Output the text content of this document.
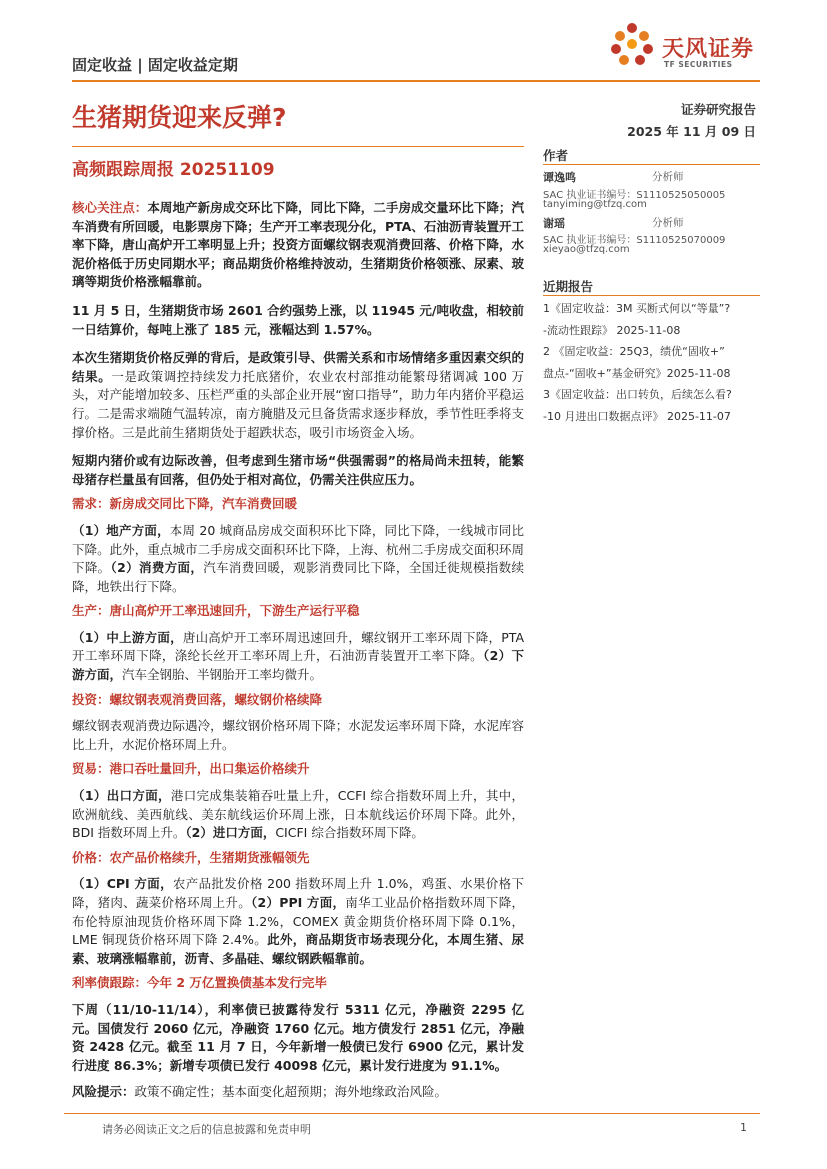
固定收益 | 固定收益定期
天风证券
TF SECURITIES
生猪期货迎来反弹?	证券研究报告
2025 年 11 月 09 日
高频跟踪周报 20251109
作者
谭逸鸣	分析师
SAC 执业证书编号：S1110525050005
tanyiming@tfzq.com
谢瑶	分析师
SAC 执业证书编号：S1110525070009
xieyao@tfzq.com
近期报告
1《固定收益：3M 买断式何以“等量”?
-流动性跟踪》 2025-11-08
2 《固定收益：25Q3，绩优“固收+”
盘点-“固收+”基金研究》2025-11-08
3《固定收益：出口转负，后续怎么看?
-10 月进出口数据点评》 2025-11-07

核心关注点：本周地产新房成交环比下降，同比下降，二手房成交量环比下降；汽车消费有所回暖，电影票房下降；生产开工率表现分化，PTA、石油沥青装置开工率下降，唐山高炉开工率明显上升；投资方面螺纹钢表观消费回落、价格下降，水泥价格低于历史同期水平；商品期货价格维持波动，生猪期货价格领涨、尿素、玻璃等期货价格涨幅靠前。

11 月 5 日，生猪期货市场 2601 合约强势上涨，以 11945 元/吨收盘，相较前一日结算价，每吨上涨了 185 元，涨幅达到 1.57%。

本次生猪期货价格反弹的背后，是政策引导、供需关系和市场情绪多重因素交织的结果。一是政策调控持续发力托底猪价，农业农村部推动能繁母猪调减 100 万头，对产能增加较多、压栏严重的头部企业开展“窗口指导”，助力年内猪价平稳运行。二是需求端随气温转凉，南方腌腊及元旦备货需求逐步释放，季节性旺季将支撑价格。三是此前生猪期货处于超跌状态，吸引市场资金入场。

短期内猪价或有边际改善，但考虑到生猪市场“供强需弱”的格局尚未扭转，能繁母猪存栏量虽有回落，但仍处于相对高位，仍需关注供应压力。

需求：新房成交同比下降，汽车消费回暖

（1）地产方面，本周 20 城商品房成交面积环比下降，同比下降，一线城市同比下降。此外，重点城市二手房成交面积环比下降，上海、杭州二手房成交面积环周下降。（2）消费方面，汽车消费回暖，观影消费同比下降，全国迁徙规模指数续降，地铁出行下降。

生产：唐山高炉开工率迅速回升，下游生产运行平稳

（1）中上游方面，唐山高炉开工率环周迅速回升，螺纹钢开工率环周下降，PTA 开工率环周下降，涤纶长丝开工率环周上升，石油沥青装置开工率下降。（2）下游方面，汽车全钢胎、半钢胎开工率均微升。

投资：螺纹钢表观消费回落，螺纹钢价格续降

螺纹钢表观消费边际遇冷，螺纹钢价格环周下降；水泥发运率环周下降，水泥库容比上升，水泥价格环周上升。

贸易：港口吞吐量回升，出口集运价格续升

（1）出口方面，港口完成集装箱吞吐量上升，CCFI 综合指数环周上升，其中，欧洲航线、美西航线、美东航线运价环周上涨，日本航线运价环周下降。此外，BDI 指数环周上升。（2）进口方面，CICFI 综合指数环周下降。

价格：农产品价格续升，生猪期货涨幅领先

（1）CPI 方面，农产品批发价格 200 指数环周上升 1.0%，鸡蛋、水果价格下降，猪肉、蔬菜价格环周上升。（2）PPI 方面，南华工业品价格指数环周下降，布伦特原油现货价格环周下降 1.2%，COMEX 黄金期货价格环周下降 0.1%，LME 铜现货价格环周下降 2.4%。此外，商品期货市场表现分化，本周生猪、尿素、玻璃涨幅靠前，沥青、多晶硅、螺纹钢跌幅靠前。

利率债跟踪：今年 2 万亿置换债基本发行完毕

下周（11/10-11/14），利率债已披露待发行 5311 亿元，净融资 2295 亿元。国债发行 2060 亿元，净融资 1760 亿元。地方债发行 2851 亿元，净融资 2428 亿元。截至 11 月 7 日，今年新增一般债已发行 6900 亿元，累计发行进度 86.3%；新增专项债已发行 40098 亿元，累计发行进度为 91.1%。

风险提示：政策不确定性；基本面变化超预期；海外地缘政治风险。

请务必阅读正文之后的信息披露和免责申明	1
